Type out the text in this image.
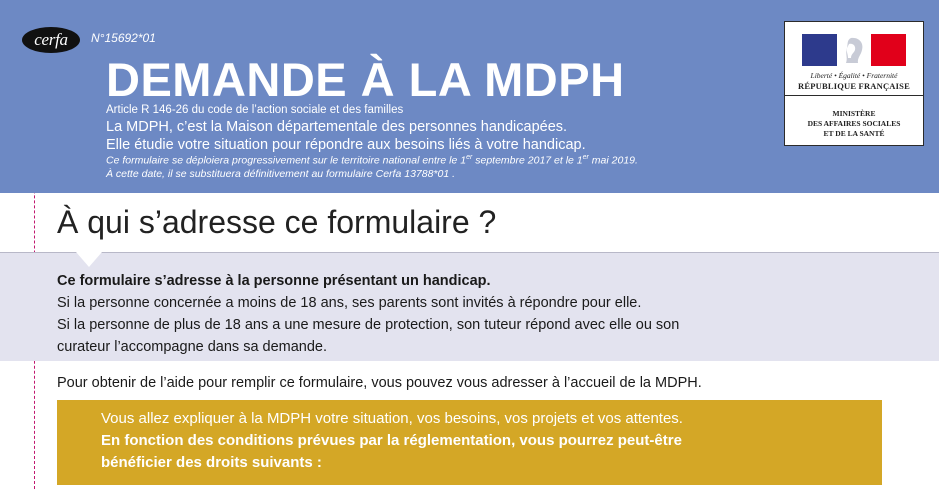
cerfa	N°15692*01
DEMANDE À LA MDPH
Article R 146-26 du code de l’action sociale et des familles
La MDPH, c’est la Maison départementale des personnes handicapées.
Elle étudie votre situation pour répondre aux besoins liés à votre handicap.
Ce formulaire se déploiera progressivement sur le territoire national entre le 1er septembre 2017 et le 1er mai 2019.
À cette date, il se substituera définitivement au formulaire Cerfa 13788*01 .
Liberté • Égalité • Fraternité
RÉPUBLIQUE FRANÇAISE
MINISTÈRE
DES AFFAIRES SOCIALES
ET DE LA SANTÉ
À qui s’adresse ce formulaire ?
Ce formulaire s’adresse à la personne présentant un handicap.
Si la personne concernée a moins de 18 ans, ses parents sont invités à répondre pour elle.
Si la personne de plus de 18 ans a une mesure de protection, son tuteur répond avec elle ou son
curateur l’accompagne dans sa demande.
Pour obtenir de l’aide pour remplir ce formulaire, vous pouvez vous adresser à l’accueil de la MDPH.
Vous allez expliquer à la MDPH votre situation, vos besoins, vos projets et vos attentes.
En fonction des conditions prévues par la réglementation, vous pourrez peut-être
bénéficier des droits suivants :
